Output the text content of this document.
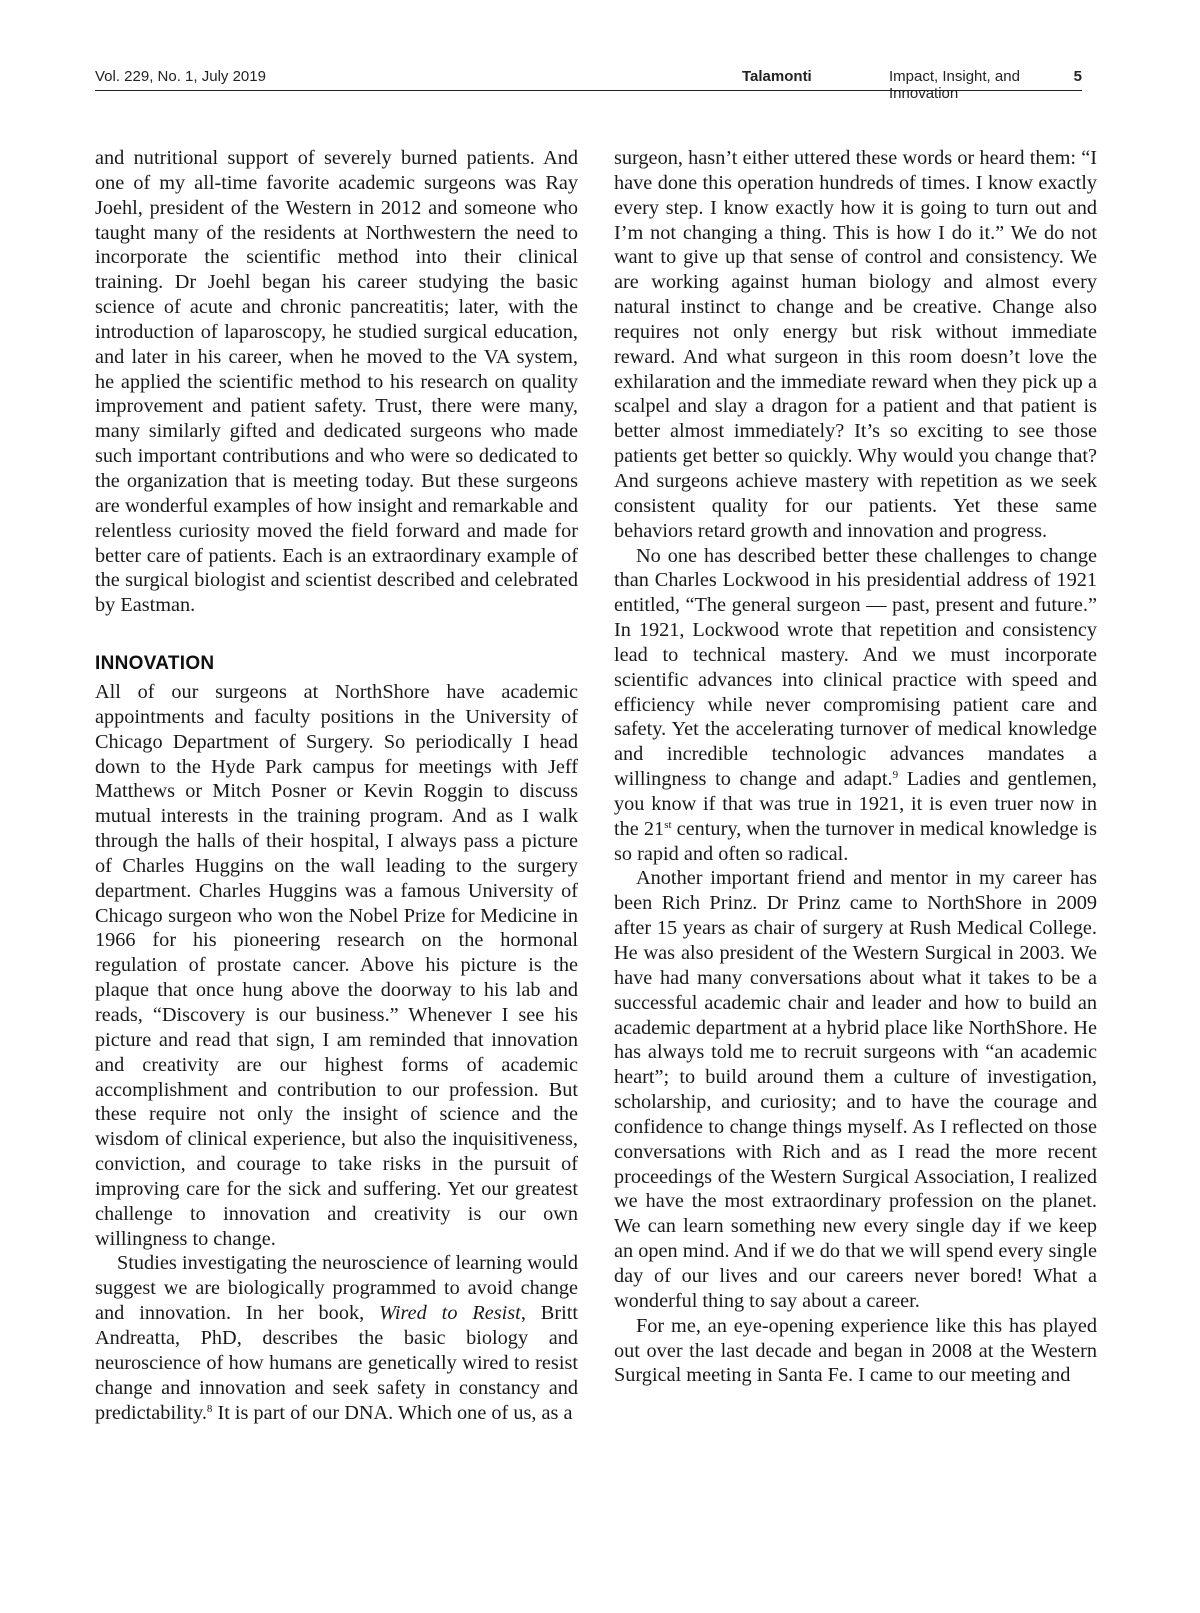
Vol. 229, No. 1, July 2019	Talamonti	Impact, Insight, and Innovation
5

and nutritional support of severely burned patients. And one of my all-time favorite academic surgeons was Ray Joehl, president of the Western in 2012 and someone who taught many of the residents at Northwestern the need to incorporate the scientific method into their clinical training. Dr Joehl began his career studying the basic science of acute and chronic pancreatitis; later, with the introduction of laparoscopy, he studied surgical education, and later in his career, when he moved to the VA system, he applied the scientific method to his research on quality improvement and patient safety. Trust, there were many, many similarly gifted and dedicated surgeons who made such important contributions and who were so dedicated to the organization that is meeting today. But these surgeons are wonderful examples of how insight and remarkable and relentless curiosity moved the field forward and made for better care of patients. Each is an extraordinary example of the surgical biologist and scientist described and celebrated by Eastman.

INNOVATION

All of our surgeons at NorthShore have academic appointments and faculty positions in the University of Chicago Department of Surgery. So periodically I head down to the Hyde Park campus for meetings with Jeff Matthews or Mitch Posner or Kevin Roggin to discuss mutual interests in the training program. And as I walk through the halls of their hospital, I always pass a picture of Charles Huggins on the wall leading to the surgery department. Charles Huggins was a famous University of Chicago surgeon who won the Nobel Prize for Medicine in 1966 for his pioneering research on the hormonal regulation of prostate cancer. Above his picture is the plaque that once hung above the doorway to his lab and reads, “Discovery is our business.” Whenever I see his picture and read that sign, I am reminded that innovation and creativity are our highest forms of academic accomplishment and contribution to our profession. But these require not only the insight of science and the wisdom of clinical experience, but also the inquisitiveness, conviction, and courage to take risks in the pursuit of improving care for the sick and suffering. Yet our greatest challenge to innovation and creativity is our own willingness to change.

Studies investigating the neuroscience of learning would suggest we are biologically programmed to avoid change and innovation. In her book, Wired to Resist, Britt Andreatta, PhD, describes the basic biology and neuroscience of how humans are genetically wired to resist change and innovation and seek safety in constancy and predictability.$^8$ It is part of our DNA. Which one of us, as a

surgeon, hasn’t either uttered these words or heard them: “I have done this operation hundreds of times. I know exactly every step. I know exactly how it is going to turn out and I’m not changing a thing. This is how I do it.” We do not want to give up that sense of control and consistency. We are working against human biology and almost every natural instinct to change and be creative. Change also requires not only energy but risk without immediate reward. And what surgeon in this room doesn’t love the exhilaration and the immediate reward when they pick up a scalpel and slay a dragon for a patient and that patient is better almost immediately? It’s so exciting to see those patients get better so quickly. Why would you change that? And surgeons achieve mastery with repetition as we seek consistent quality for our patients. Yet these same behaviors retard growth and innovation and progress.

No one has described better these challenges to change than Charles Lockwood in his presidential address of 1921 entitled, “The general surgeon — past, present and future.” In 1921, Lockwood wrote that repetition and consistency lead to technical mastery. And we must incorporate scientific advances into clinical practice with speed and efficiency while never compromising patient care and safety. Yet the accelerating turnover of medical knowledge and incredible technologic advances mandates a willingness to change and adapt.$^9$ Ladies and gentlemen, you know if that was true in 1921, it is even truer now in the 21st century, when the turnover in medical knowledge is so rapid and often so radical.

Another important friend and mentor in my career has been Rich Prinz. Dr Prinz came to NorthShore in 2009 after 15 years as chair of surgery at Rush Medical College. He was also president of the Western Surgical in 2003. We have had many conversations about what it takes to be a successful academic chair and leader and how to build an academic department at a hybrid place like NorthShore. He has always told me to recruit surgeons with “an academic heart”; to build around them a culture of investigation, scholarship, and curiosity; and to have the courage and confidence to change things myself. As I reflected on those conversations with Rich and as I read the more recent proceedings of the Western Surgical Association, I realized we have the most extraordinary profession on the planet. We can learn something new every single day if we keep an open mind. And if we do that we will spend every single day of our lives and our careers never bored! What a wonderful thing to say about a career.

For me, an eye-opening experience like this has played out over the last decade and began in 2008 at the Western Surgical meeting in Santa Fe. I came to our meeting and
